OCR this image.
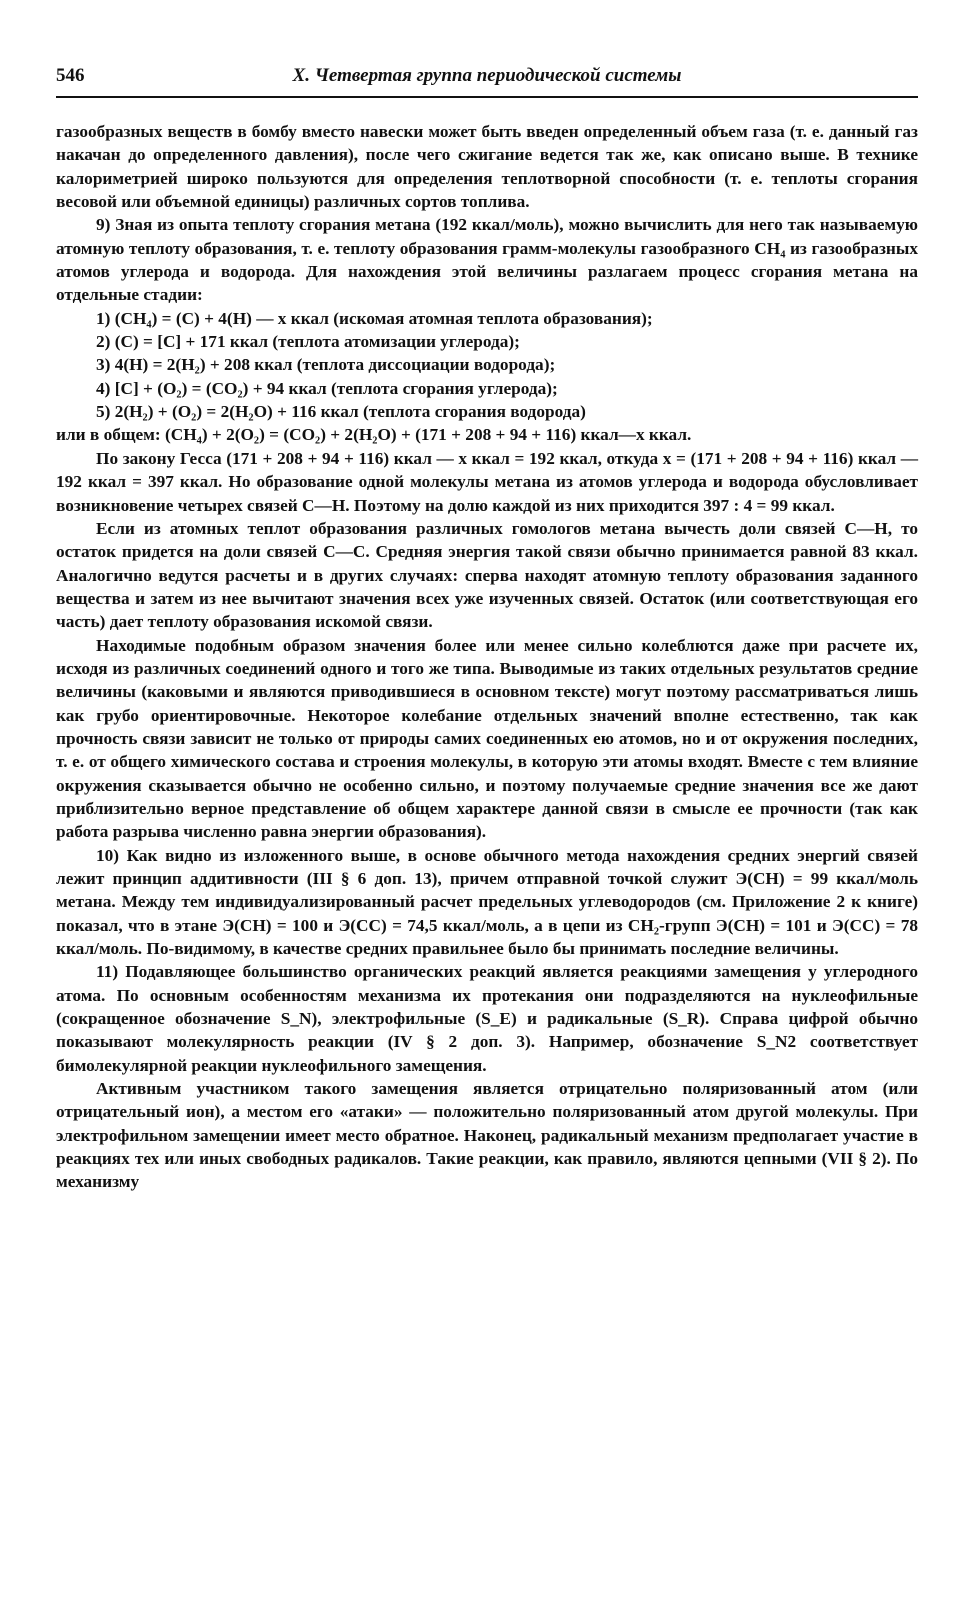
546	X. Четвертая группа периодической системы

газообразных веществ в бомбу вместо навески может быть введен определенный объем газа (т. е. данный газ накачан до определенного давления), после чего сжигание ведется так же, как описано выше. В технике калориметрией широко пользуются для определения теплотворной способности (т. е. теплоты сгорания весовой или объемной единицы) различных сортов топлива.

9) Зная из опыта теплоту сгорания метана (192 ккал/моль), можно вычислить для него так называемую атомную теплоту образования, т. е. теплоту образования грамм-молекулы газообразного CH₄ из газообразных атомов углерода и водорода. Для нахождения этой величины разлагаем процесс сгорания метана на отдельные стадии:

1) (CH₄) = (C) + 4(H) — x ккал (искомая атомная теплота образования);
2) (C) = [C] + 171 ккал (теплота атомизации углерода);
3) 4(H) = 2(H₂) + 208 ккал (теплота диссоциации водорода);
4) [C] + (O₂) = (CO₂) + 94 ккал (теплота сгорания углерода);
5) 2(H₂) + (O₂) = 2(H₂O) + 116 ккал (теплота сгорания водорода)

или в общем: (CH₄) + 2(O₂) = (CO₂) + 2(H₂O) + (171 + 208 + 94 + 116) ккал—x ккал.

По закону Гесса (171 + 208 + 94 + 116) ккал — x ккал = 192 ккал, откуда x = (171 + 208 + 94 + 116) ккал — 192 ккал = 397 ккал. Но образование одной молекулы метана из атомов углерода и водорода обусловливает возникновение четырех связей C—H. Поэтому на долю каждой из них приходится 397 : 4 = 99 ккал.

Если из атомных теплот образования различных гомологов метана вычесть доли связей C—H, то остаток придется на доли связей C—C. Средняя энергия такой связи обычно принимается равной 83 ккал. Аналогично ведутся расчеты и в других случаях: сперва находят атомную теплоту образования заданного вещества и затем из нее вычитают значения всех уже изученных связей. Остаток (или соответствующая его часть) дает теплоту образования искомой связи.

Находимые подобным образом значения более или менее сильно колеблются даже при расчете их, исходя из различных соединений одного и того же типа. Выводимые из таких отдельных результатов средние величины (каковыми и являются приводившиеся в основном тексте) могут поэтому рассматриваться лишь как грубо ориентировочные. Некоторое колебание отдельных значений вполне естественно, так как прочность связи зависит не только от природы самих соединенных ею атомов, но и от окружения последних, т. е. от общего химического состава и строения молекулы, в которую эти атомы входят. Вместе с тем влияние окружения сказывается обычно не особенно сильно, и поэтому получаемые средние значения все же дают приблизительно верное представление об общем характере данной связи в смысле ее прочности (так как работа разрыва численно равна энергии образования).

10) Как видно из изложенного выше, в основе обычного метода нахождения средних энергий связей лежит принцип аддитивности (III § 6 доп. 13), причем отправной точкой служит Э(CH) = 99 ккал/моль метана. Между тем индивидуализированный расчет предельных углеводородов (см. Приложение 2 к книге) показал, что в этане Э(CH) = 100 и Э(CC) = 74,5 ккал/моль, а в цепи из CH₂-групп Э(CH) = 101 и Э(CC) = 78 ккал/моль. По-видимому, в качестве средних правильнее было бы принимать последние величины.

11) Подавляющее большинство органических реакций является реакциями замещения у углеродного атома. По основным особенностям механизма их протекания они подразделяются на нуклеофильные (сокращенное обозначение S_N), электрофильные (S_E) и радикальные (S_R). Справа цифрой обычно показывают молекулярность реакции (IV § 2 доп. 3). Например, обозначение S_N2 соответствует бимолекулярной реакции нуклеофильного замещения.

Активным участником такого замещения является отрицательно поляризованный атом (или отрицательный ион), а местом его «атаки» — положительно поляризованный атом другой молекулы. При электрофильном замещении имеет место обратное. Наконец, радикальный механизм предполагает участие в реакциях тех или иных свободных радикалов. Такие реакции, как правило, являются цепными (VII § 2). По механизму
